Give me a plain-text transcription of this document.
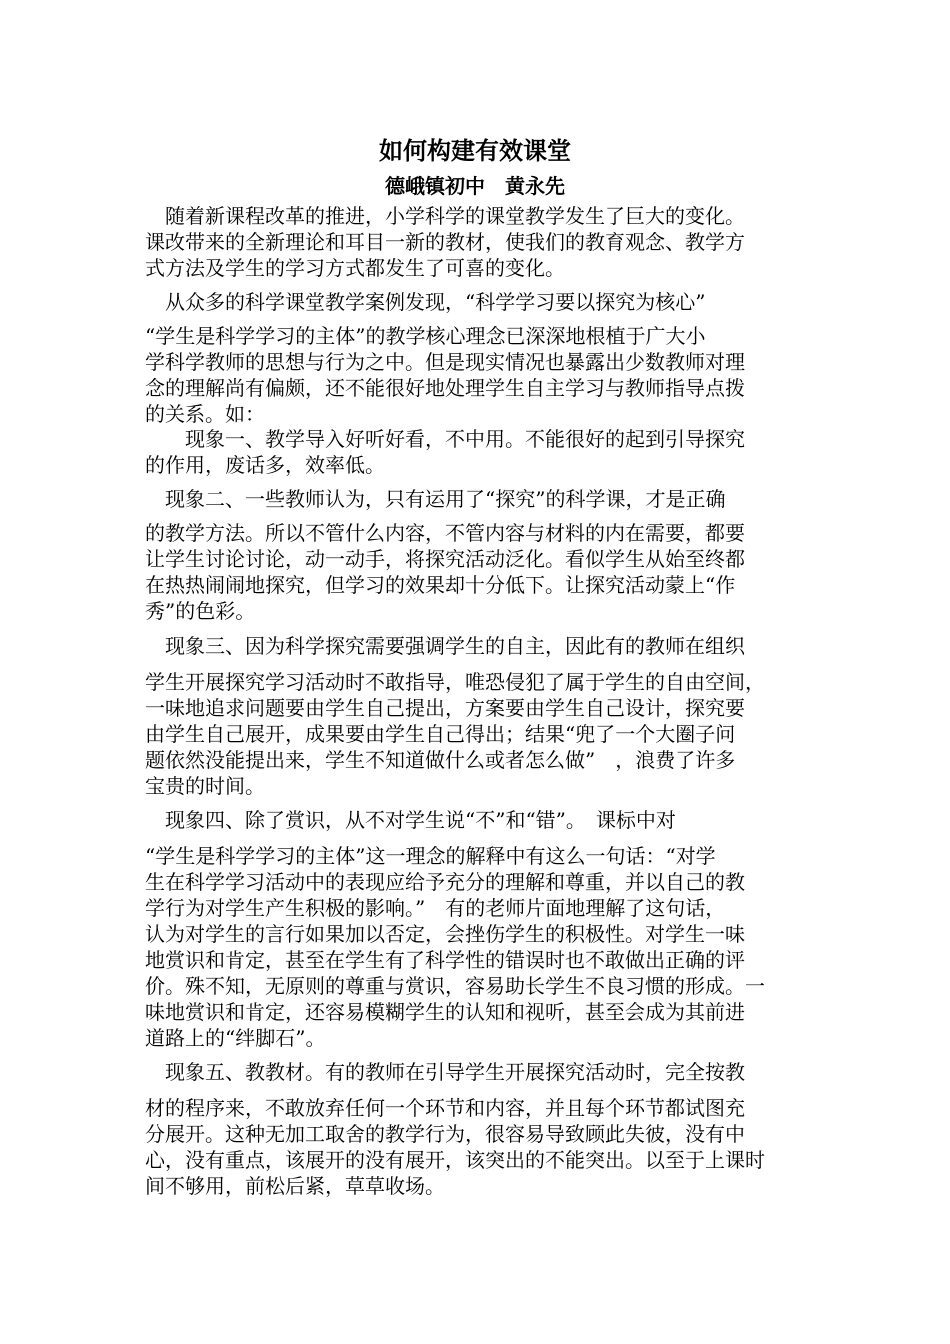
如何构建有效课堂
德峨镇初中　黄永先
　随着新课程改革的推进，小学科学的课堂教学发生了巨大的变化。
课改带来的全新理论和耳目一新的教材，使我们的教育观念、教学方
式方法及学生的学习方式都发生了可喜的变化。
　从众多的科学课堂教学案例发现，“科学学习要以探究为核心”
“学生是科学学习的主体”的教学核心理念已深深地根植于广大小
学科学教师的思想与行为之中。但是现实情况也暴露出少数教师对理
念的理解尚有偏颇，还不能很好地处理学生自主学习与教师指导点拨
的关系。如：
　　现象一、教学导入好听好看，不中用。不能很好的起到引导探究
的作用，废话多，效率低。
　现象二、一些教师认为，只有运用了“探究”的科学课，才是正确
的教学方法。所以不管什么内容，不管内容与材料的内在需要，都要
让学生讨论讨论，动一动手，将探究活动泛化。看似学生从始至终都
在热热闹闹地探究，但学习的效果却十分低下。让探究活动蒙上“作
秀”的色彩。
　现象三、因为科学探究需要强调学生的自主，因此有的教师在组织
学生开展探究学习活动时不敢指导，唯恐侵犯了属于学生的自由空间，
一味地追求问题要由学生自己提出，方案要由学生自己设计，探究要
由学生自己展开，成果要由学生自己得出；结果“兜了一个大圈子问
题依然没能提出来，学生不知道做什么或者怎么做”　，浪费了许多
宝贵的时间。
　现象四、除了赏识，从不对学生说“不”和“错”。　课标中对
“学生是科学学习的主体”这一理念的解释中有这么一句话：“对学
生在科学学习活动中的表现应给予充分的理解和尊重，并以自己的教
学行为对学生产生积极的影响。”　有的老师片面地理解了这句话，
认为对学生的言行如果加以否定，会挫伤学生的积极性。对学生一味
地赏识和肯定，甚至在学生有了科学性的错误时也不敢做出正确的评
价。殊不知，无原则的尊重与赏识，容易助长学生不良习惯的形成。一
味地赏识和肯定，还容易模糊学生的认知和视听，甚至会成为其前进
道路上的“绊脚石”。
　现象五、教教材。有的教师在引导学生开展探究活动时，完全按教
材的程序来，不敢放弃任何一个环节和内容，并且每个环节都试图充
分展开。这种无加工取舍的教学行为，很容易导致顾此失彼，没有中
心，没有重点，该展开的没有展开，该突出的不能突出。以至于上课时
间不够用，前松后紧，草草收场。
